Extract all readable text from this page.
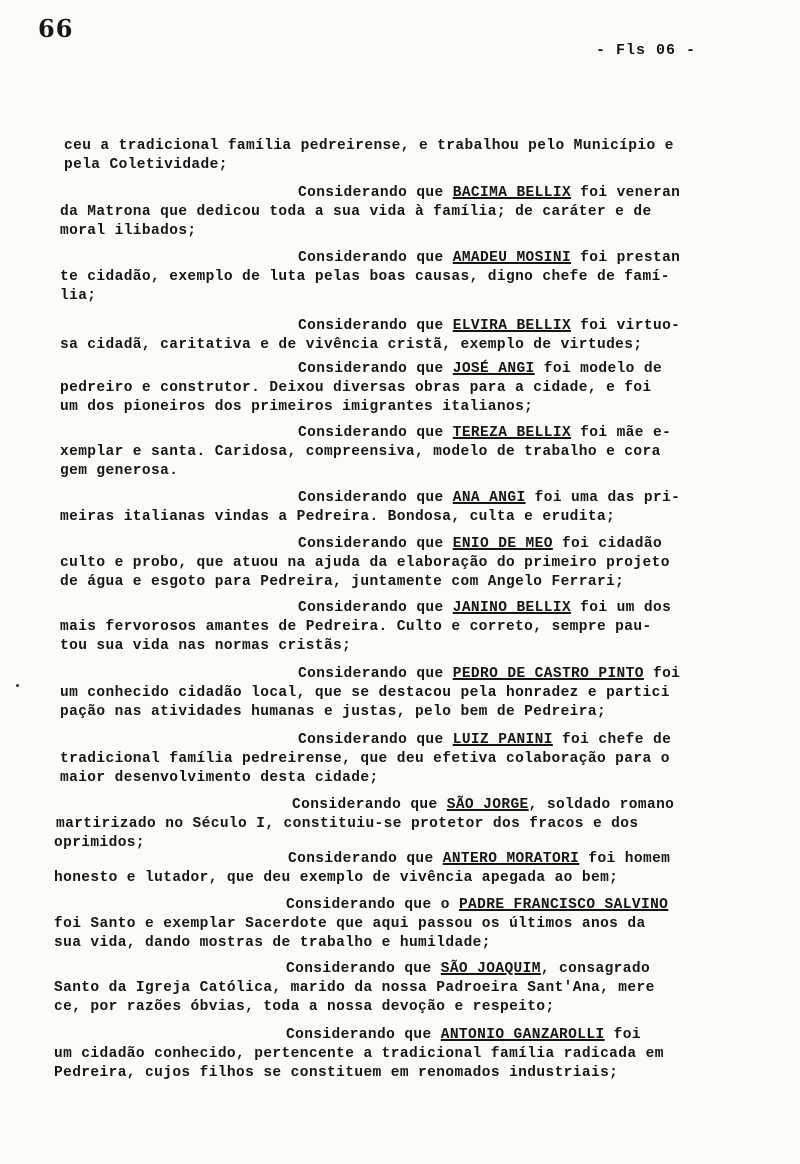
66
- Fls 06 -
ceu a tradicional família pedreirense, e trabalhou pelo Município e
pela Coletividade;
Considerando que BACIMA BELLIX foi veneran
da Matrona que dedicou toda a sua vida à família; de caráter e de
moral ilibados;
Considerando que AMADEU MOSINI foi prestan
te cidadão, exemplo de luta pelas boas causas, digno chefe de famí-
lia;
Considerando que ELVIRA BELLIX foi virtuo-
sa cidadã, caritativa e de vivência cristã, exemplo de virtudes;
Considerando que JOSÉ ANGI foi modelo de
pedreiro e construtor. Deixou diversas obras para a cidade, e foi
um dos pioneiros dos primeiros imigrantes italianos;
Considerando que TEREZA BELLIX foi mãe e-
xemplar e santa. Caridosa, compreensiva, modelo de trabalho e cora
gem generosa.
Considerando que ANA ANGI foi uma das pri-
meiras italianas vindas a Pedreira. Bondosa, culta e erudita;
Considerando que ENIO DE MEO foi cidadão
culto e probo, que atuou na ajuda da elaboração do primeiro projeto
de água e esgoto para Pedreira, juntamente com Angelo Ferrari;
Considerando que JANINO BELLIX foi um dos
mais fervorosos amantes de Pedreira. Culto e correto, sempre pau-
tou sua vida nas normas cristãs;
Considerando que PEDRO DE CASTRO PINTO foi
um conhecido cidadão local, que se destacou pela honradez e partici
pação nas atividades humanas e justas, pelo bem de Pedreira;
Considerando que LUIZ PANINI foi chefe de
tradicional família pedreirense, que deu efetiva colaboração para o
maior desenvolvimento desta cidade;
Considerando que SÃO JORGE, soldado romano
martirizado no Século I, constituiu-se protetor dos fracos e dos
oprimidos;
Considerando que ANTERO MORATORI foi homem
honesto e lutador, que deu exemplo de vivência apegada ao bem;
Considerando que o PADRE FRANCISCO SALVINO
foi Santo e exemplar Sacerdote que aqui passou os últimos anos da
sua vida, dando mostras de trabalho e humildade;
Considerando que SÃO JOAQUIM, consagrado
Santo da Igreja Católica, marido da nossa Padroeira Sant'Ana, mere
ce, por razões óbvias, toda a nossa devoção e respeito;
Considerando que ANTONIO GANZAROLLI foi
um cidadão conhecido, pertencente a tradicional família radicada em
Pedreira, cujos filhos se constituem em renomados industriais;
